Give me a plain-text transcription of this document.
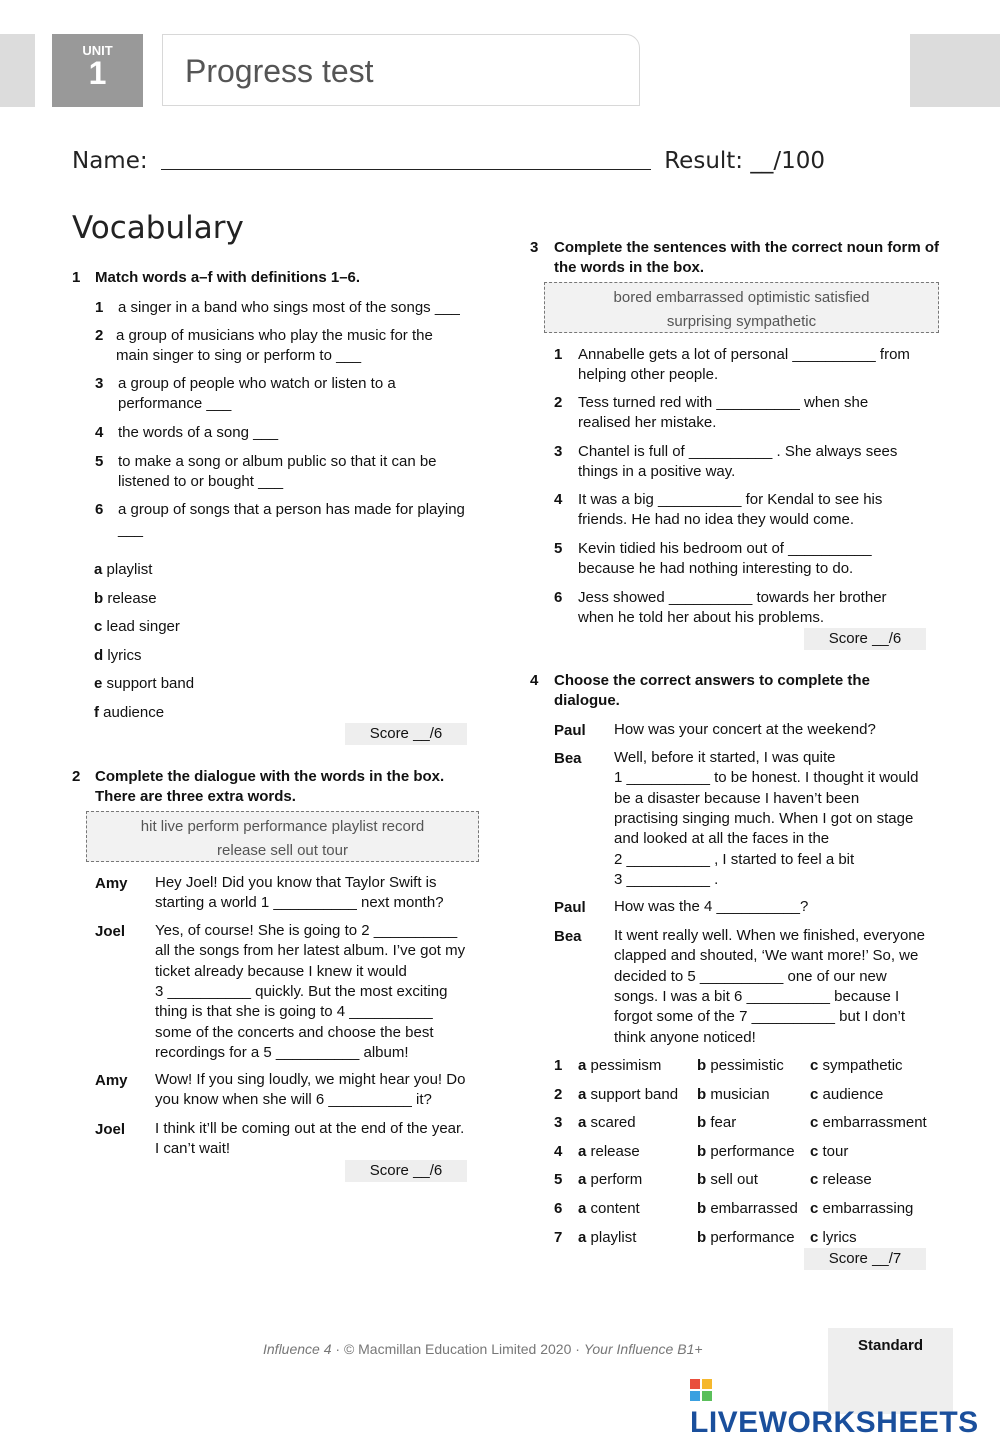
UNIT
1	Progress test
Name:	Result: __/100
Vocabulary
1 Match words a–f with definitions 1–6.
1 a singer in a band who sings most of the songs ___
2 a group of musicians who play the music for the main singer to sing or perform to ___
3 a group of people who watch or listen to a performance ___
4 the words of a song ___
5 to make a song or album public so that it can be listened to or bought ___
6 a group of songs that a person has made for playing ___
a playlist
b release
c lead singer
d lyrics
e support band
f audience
Score __/6
2 Complete the dialogue with the words in the box. There are three extra words.
hit live perform performance playlist record
release sell out tour
Amy Hey Joel! Did you know that Taylor Swift is
starting a world 1 __________ next month?
Joel Yes, of course! She is going to 2 __________
all the songs from her latest album. I’ve got my
ticket already because I knew it would
3 __________ quickly. But the most exciting
thing is that she is going to 4 __________
some of the concerts and choose the best
recordings for a 5 __________ album!
Amy Wow! If you sing loudly, we might hear you! Do
you know when she will 6 __________ it?
Joel I think it’ll be coming out at the end of the year.
I can’t wait!
Score __/6
3 Complete the sentences with the correct noun form of the words in the box.
bored embarrassed optimistic satisfied
surprising sympathetic
1 Annabelle gets a lot of personal __________ from
helping other people.
2 Tess turned red with __________ when she
realised her mistake.
3 Chantel is full of __________ . She always sees
things in a positive way.
4 It was a big __________ for Kendal to see his
friends. He had no idea they would come.
5 Kevin tidied his bedroom out of __________
because he had nothing interesting to do.
6 Jess showed __________ towards her brother
when he told her about his problems.
Score __/6
4 Choose the correct answers to complete the dialogue.
Paul How was your concert at the weekend?
Bea Well, before it started, I was quite
1 __________ to be honest. I thought it would
be a disaster because I haven’t been
practising singing much. When I got on stage
and looked at all the faces in the
2 __________ , I started to feel a bit
3 __________ .
Paul How was the 4 __________?
Bea It went really well. When we finished, everyone
clapped and shouted, ‘We want more!’ So, we
decided to 5 __________ one of our new
songs. I was a bit 6 __________ because I
forgot some of the 7 __________ but I don’t
think anyone noticed!
1 a pessimism b pessimistic c sympathetic
2 a support band b musician	c audience
3 a scared	b fear	c embarrassment
4 a release	b performance c tour
5 a perform	b sell out	c release
6 a content	b embarrassed c embarrassing
7 a playlist	b performance c lyrics
Score __/7
Influence 4 · © Macmillan Education Limited 2020 · Your Influence B1+	Standard
LIVEWORKSHEETS
